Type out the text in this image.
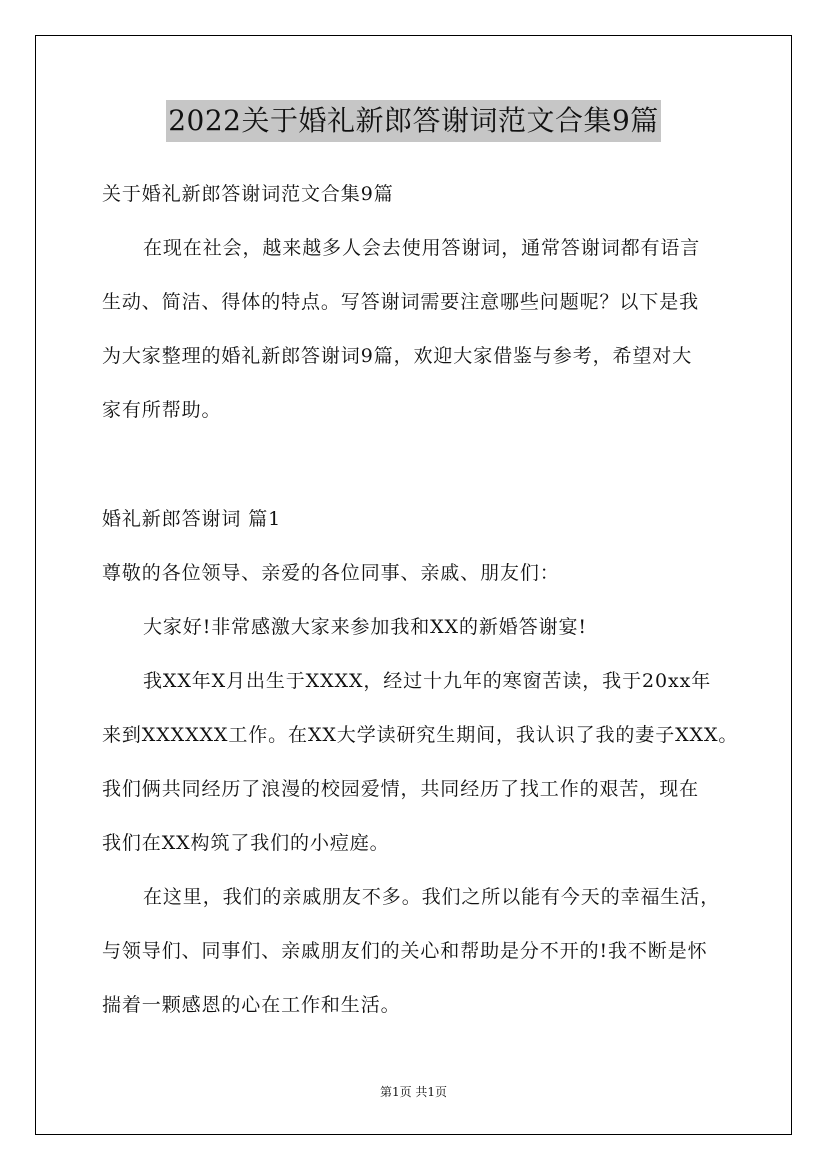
2022关于婚礼新郎答谢词范文合集9篇
关于婚礼新郎答谢词范文合集9篇
在现在社会，越来越多人会去使用答谢词，通常答谢词都有语言
生动、简洁、得体的特点。写答谢词需要注意哪些问题呢？以下是我
为大家整理的婚礼新郎答谢词9篇，欢迎大家借鉴与参考，希望对大
家有所帮助。
婚礼新郎答谢词 篇1
尊敬的各位领导、亲爱的各位同事、亲戚、朋友们：
大家好!非常感激大家来参加我和XX的新婚答谢宴!
我XX年X月出生于XXXX，经过十九年的寒窗苦读，我于20xx年
来到XXXXXX工作。在XX大学读研究生期间，我认识了我的妻子XXX。
我们俩共同经历了浪漫的校园爱情，共同经历了找工作的艰苦，现在
我们在XX构筑了我们的小痘庭。
在这里，我们的亲戚朋友不多。我们之所以能有今天的幸福生活，
与领导们、同事们、亲戚朋友们的关心和帮助是分不开的!我不断是怀
揣着一颗感恩的心在工作和生活。
第1页 共1页
